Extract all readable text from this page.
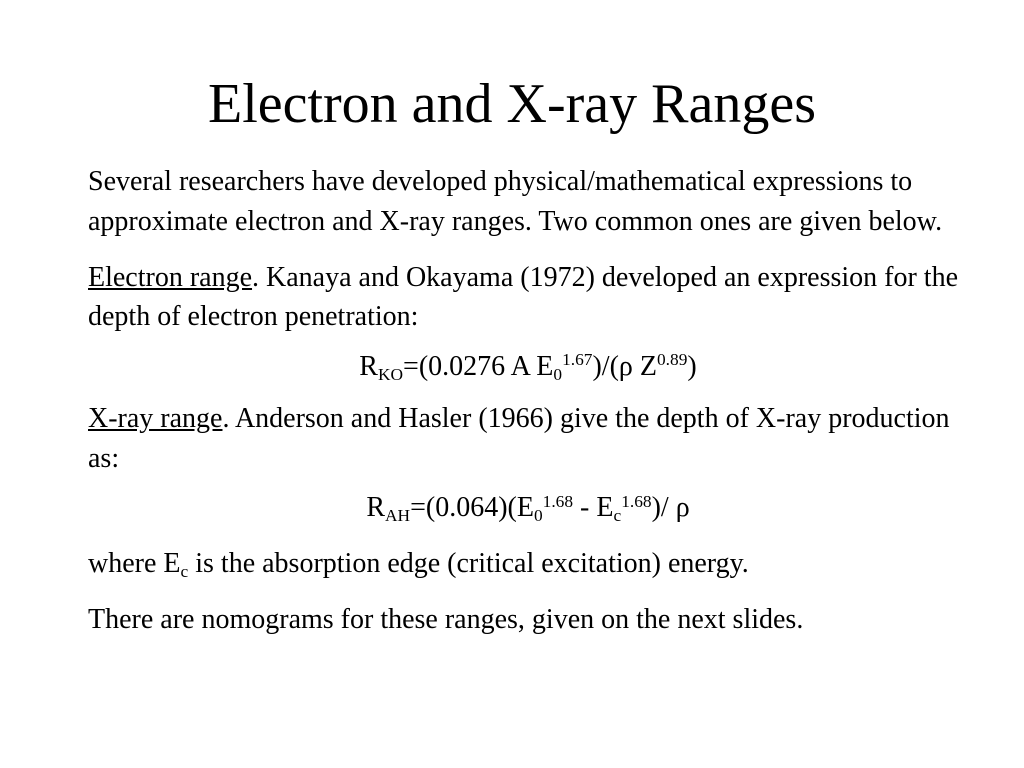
Electron and X-ray Ranges

Several researchers have developed physical/mathematical expressions to approximate electron and X-ray ranges. Two common ones are given below.

Electron range. Kanaya and Okayama (1972) developed an expression for the depth of electron penetration:

$R_{KO}=(0.0276$ A $E_0^{1.67})/(\rho$ $Z^{0.89}$)

X-ray range. Anderson and Hasler (1966) give the depth of X-ray production as:

$R_{AH}=(0.064)(E_0^{1.68} - E_c^{1.68})/$ ρ

where $E_c$ is the absorption edge (critical excitation) energy.

There are nomograms for these ranges, given on the next slides.
